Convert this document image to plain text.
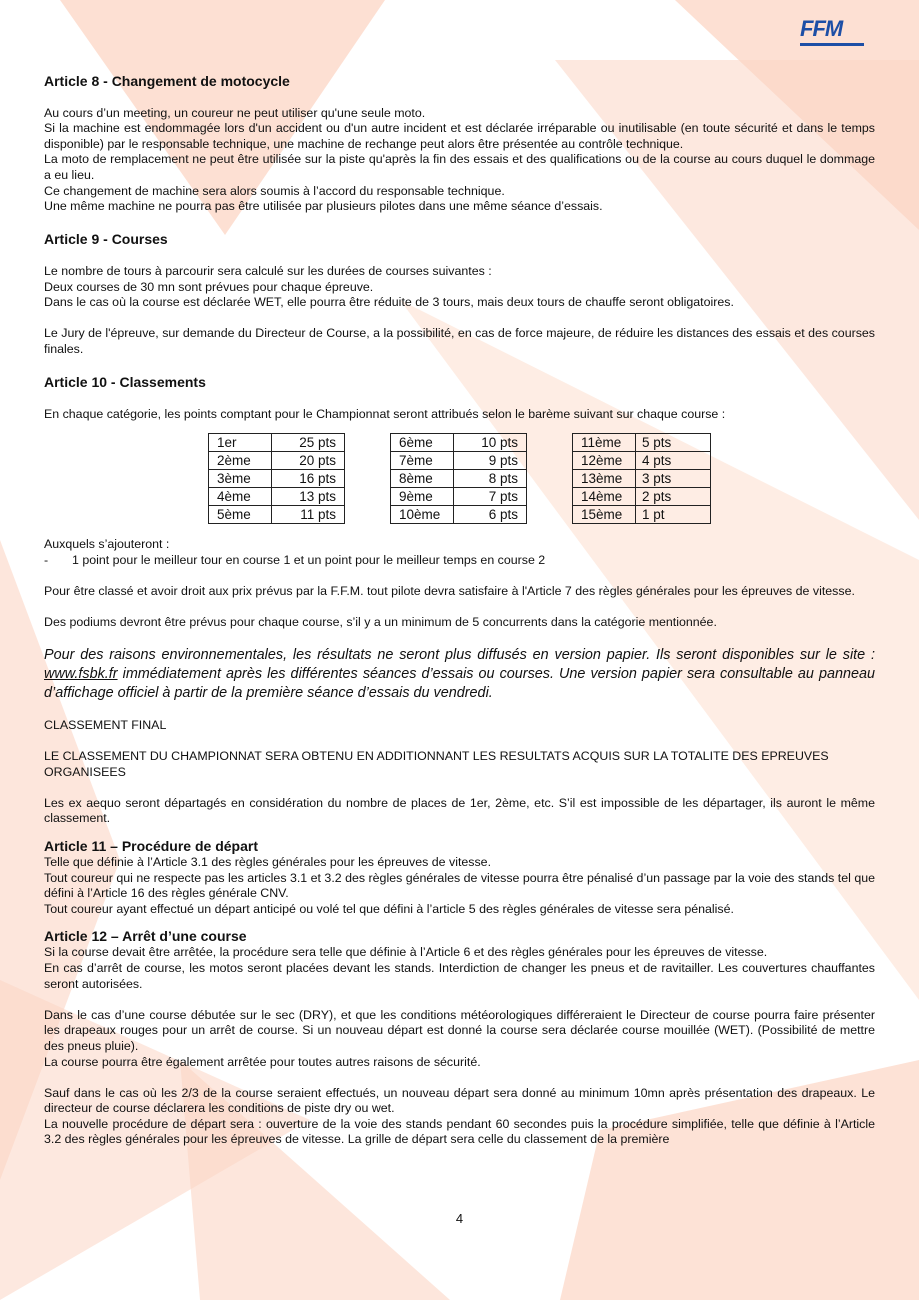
FFM
Article 8 - Changement de motocycle

Au cours d’un meeting, un coureur ne peut utiliser qu'une seule moto.

Si la machine est endommagée lors d'un accident ou d'un autre incident et est déclarée irréparable ou inutilisable (en toute sécurité et dans le temps disponible) par le responsable technique, une machine de rechange peut alors être présentée au contrôle technique.

La moto de remplacement ne peut être utilisée sur la piste qu'après la fin des essais et des qualifications ou de la course au cours duquel le dommage a eu lieu.

Ce changement de machine sera alors soumis à l’accord du responsable technique.

Une même machine ne pourra pas être utilisée par plusieurs pilotes dans une même séance d’essais.

Article 9 - Courses

Le nombre de tours à parcourir sera calculé sur les durées de courses suivantes :

Deux courses de 30 mn sont prévues pour chaque épreuve.

Dans le cas où la course est déclarée WET, elle pourra être réduite de 3 tours, mais deux tours de chauffe seront obligatoires.

Le Jury de l'épreuve, sur demande du Directeur de Course, a la possibilité, en cas de force majeure, de réduire les distances des essais et des courses finales.

Article 10 - Classements

En chaque catégorie, les points comptant pour le Championnat seront attribués selon le barème suivant sur chaque course :

1er	25 pts
2ème	20 pts
3ème	16 pts
4ème	13 pts
5ème	11 pts
6ème	10 pts
7ème	9 pts
8ème	8 pts
9ème	7 pts
10ème	6 pts
11ème	5 pts
12ème	4 pts
13ème	3 pts
14ème	2 pts
15ème	1 pt

Auxquels s’ajouteront :

- 1 point pour le meilleur tour en course 1 et un point pour le meilleur temps en course 2

Pour être classé et avoir droit aux prix prévus par la F.F.M. tout pilote devra satisfaire à l'Article 7 des règles générales pour les épreuves de vitesse.

Des podiums devront être prévus pour chaque course, s’il y a un minimum de 5 concurrents dans la catégorie mentionnée.

Pour des raisons environnementales, les résultats ne seront plus diffusés en version papier. Ils seront disponibles sur le site : www.fsbk.fr immédiatement après les différentes séances d’essais ou courses. Une version papier sera consultable au panneau d’affichage officiel à partir de la première séance d’essais du vendredi.

CLASSEMENT FINAL

LE CLASSEMENT DU CHAMPIONNAT SERA OBTENU EN ADDITIONNANT LES RESULTATS ACQUIS SUR LA TOTALITE DES EPREUVES ORGANISEES

Les ex aequo seront départagés en considération du nombre de places de 1er, 2ème, etc. S’il est impossible de les départager, ils auront le même classement.

Article 11 – Procédure de départ

Telle que définie à l’Article 3.1 des règles générales pour les épreuves de vitesse.

Tout coureur qui ne respecte pas les articles 3.1 et 3.2 des règles générales de vitesse pourra être pénalisé d’un passage par la voie des stands tel que défini à l’Article 16 des règles générale CNV.

Tout coureur ayant effectué un départ anticipé ou volé tel que défini à l’article 5 des règles générales de vitesse sera pénalisé.

Article 12 – Arrêt d’une course

Si la course devait être arrêtée, la procédure sera telle que définie à l’Article 6 et des règles générales pour les épreuves de vitesse.

En cas d’arrêt de course, les motos seront placées devant les stands. Interdiction de changer les pneus et de ravitailler. Les couvertures chauffantes seront autorisées.

Dans le cas d’une course débutée sur le sec (DRY), et que les conditions météorologiques différeraient le Directeur de course pourra faire présenter les drapeaux rouges pour un arrêt de course. Si un nouveau départ est donné la course sera déclarée course mouillée (WET). (Possibilité de mettre des pneus pluie).

La course pourra être également arrêtée pour toutes autres raisons de sécurité.

Sauf dans le cas où les 2/3 de la course seraient effectués, un nouveau départ sera donné au minimum 10mn après présentation des drapeaux. Le directeur de course déclarera les conditions de piste dry ou wet.

La nouvelle procédure de départ sera : ouverture de la voie des stands pendant 60 secondes puis la procédure simplifiée, telle que définie à l’Article 3.2 des règles générales pour les épreuves de vitesse. La grille de départ sera celle du classement de la première

4
